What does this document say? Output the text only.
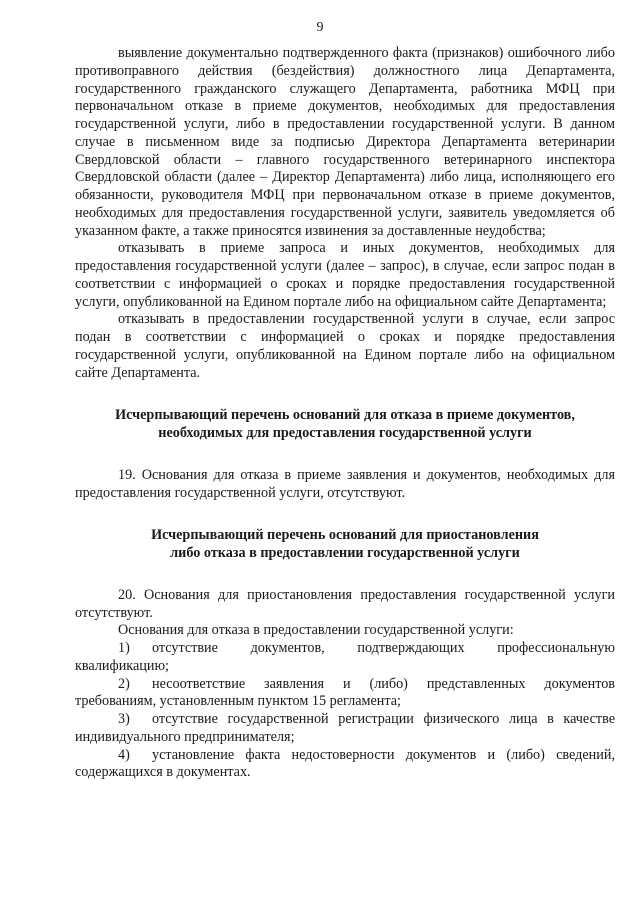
9

выявление документально подтвержденного факта (признаков) ошибочного либо противоправного действия (бездействия) должностного лица Департамента, государственного гражданского служащего Департамента, работника МФЦ при первоначальном отказе в приеме документов, необходимых для предоставления государственной услуги, либо в предоставлении государственной услуги. В данном случае в письменном виде за подписью Директора Департамента ветеринарии Свердловской области – главного государственного ветеринарного инспектора Свердловской области (далее – Директор Департамента) либо лица, исполняющего его обязанности, руководителя МФЦ при первоначальном отказе в приеме документов, необходимых для предоставления государственной услуги, заявитель уведомляется об указанном факте, а также приносятся извинения за доставленные неудобства;

отказывать в приеме запроса и иных документов, необходимых для предоставления государственной услуги (далее – запрос), в случае, если запрос подан в соответствии с информацией о сроках и порядке предоставления государственной услуги, опубликованной на Едином портале либо на официальном сайте Департамента;

отказывать в предоставлении государственной услуги в случае, если запрос подан в соответствии с информацией о сроках и порядке предоставления государственной услуги, опубликованной на Едином портале либо на официальном сайте Департамента.

Исчерпывающий перечень оснований для отказа в приеме документов,
необходимых для предоставления государственной услуги

19. Основания для отказа в приеме заявления и документов, необходимых для предоставления государственной услуги, отсутствуют.

Исчерпывающий перечень оснований для приостановления
либо отказа в предоставлении государственной услуги

20. Основания для приостановления предоставления государственной услуги отсутствуют.

Основания для отказа в предоставлении государственной услуги:

1) отсутствие документов, подтверждающих профессиональную квалификацию;

2) несоответствие заявления и (либо) представленных документов требованиям, установленным пунктом 15 регламента;

3) отсутствие государственной регистрации физического лица в качестве индивидуального предпринимателя;

4) установление факта недостоверности документов и (либо) сведений, содержащихся в документах.
